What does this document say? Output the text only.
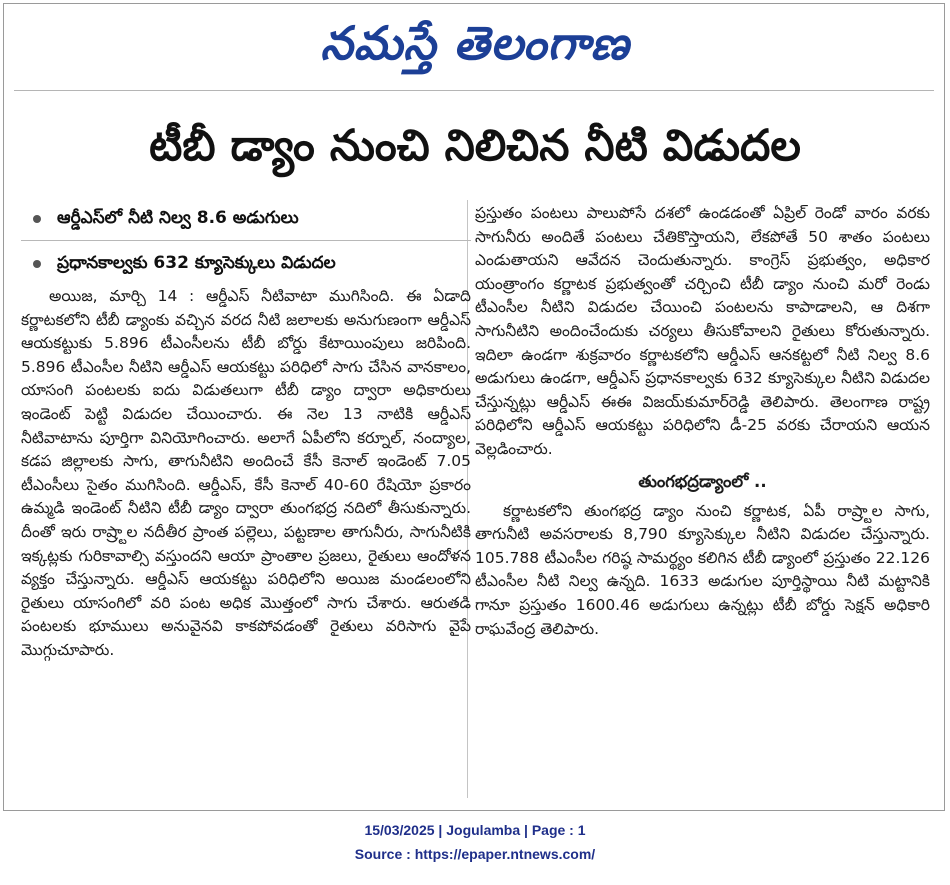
నమస్తే తెలంగాణ
టీబీ డ్యాం నుంచి నిలిచిన నీటి విడుదల
ఆర్డీఎస్‌లో నీటి నిల్వ 8.6 అడుగులు
ప్రధానకాల్వకు 632 క్యూసెక్కులు విడుదల

అయిజ, మార్చి 14 : ఆర్డీఎస్ నీటివాటా ముగిసింది. ఈ ఏడాది కర్ణాటకలోని టీబీ డ్యాంకు వచ్చిన వరద నీటి జలాలకు అనుగుణంగా ఆర్డీఎస్ ఆయకట్టుకు 5.896 టీఎంసీలను టీబీ బోర్డు కేటాయింపులు జరిపింది. 5.896 టీఎంసీల నీటిని ఆర్డీఎస్ ఆయకట్టు పరిధిలో సాగు చేసిన వానకాలం, యాసంగి పంటలకు ఐదు విడుతలుగా టీబీ డ్యాం ద్వారా అధికారులు ఇండెంట్ పెట్టి విడుదల చేయించారు. ఈ నెల 13 నాటికి ఆర్డీఎస్ నీటివాటాను పూర్తిగా వినియోగించారు. అలాగే ఏపీలోని కర్నూల్, నంద్యాల, కడప జిల్లాలకు సాగు, తాగునీటిని అందించే కేసీ కెనాల్ ఇండెంట్ 7.05 టీఎంసీలు సైతం ముగిసింది. ఆర్డీఎస్, కేసీ కెనాల్ 40-60 రేషియో ప్రకారం ఉమ్మడి ఇండెంట్ నీటిని టీబీ డ్యాం ద్వారా తుంగభద్ర నదిలో తీసుకున్నారు. దీంతో ఇరు రాష్ర్టాల నదీతీర ప్రాంత పల్లెలు, పట్టణాల తాగునీరు, సాగునీటికి ఇక్కట్లకు గురికావాల్సి వస్తుందని ఆయా ప్రాంతాల ప్రజలు, రైతులు ఆందోళన వ్యక్తం చేస్తున్నారు. ఆర్డీఎస్ ఆయకట్టు పరిధిలోని అయిజ మండలంలోని రైతులు యాసంగిలో వరి పంట అధిక మొత్తంలో సాగు చేశారు. ఆరుతడి పంటలకు భూములు అనువైనవి కాకపోవడంతో రైతులు వరిసాగు వైపే మొగ్గుచూపారు.

ప్రస్తుతం పంటలు పాలుపోసే దశలో ఉండడంతో ఏప్రిల్ రెండో వారం వరకు సాగునీరు అందితే పంటలు చేతికొస్తాయని, లేకపోతే 50 శాతం పంటలు ఎండుతాయని ఆవేదన చెందుతున్నారు. కాంగ్రెస్ ప్రభుత్వం, అధికార యంత్రాంగం కర్ణాటక ప్రభుత్వంతో చర్చించి టీబీ డ్యాం నుంచి మరో రెండు టీఎంసీల నీటిని విడుదల చేయించి పంటలను కాపాడాలని, ఆ దిశగా సాగునీటిని అందించేందుకు చర్యలు తీసుకోవాలని రైతులు కోరుతున్నారు. ఇదిలా ఉండగా శుక్రవారం కర్ణాటకలోని ఆర్డీఎస్ ఆనకట్టలో నీటి నిల్వ 8.6 అడుగులు ఉండగా, ఆర్డీఎస్ ప్రధానకాల్వకు 632 క్యూసెక్కుల నీటిని విడుదల చేస్తున్నట్లు ఆర్డీఎస్ ఈఈ విజయ్‌కుమార్‌రెడ్డి తెలిపారు. తెలంగాణ రాష్ట్ర పరిధిలోని ఆర్డీఎస్ ఆయకట్టు పరిధిలోని డీ-25 వరకు చేరాయని ఆయన వెల్లడించారు.

తుంగభద్రడ్యాంలో ..

కర్ణాటకలోని తుంగభద్ర డ్యాం నుంచి కర్ణాటక, ఏపీ రాష్ర్టాల సాగు, తాగునీటి అవసరాలకు 8,790 క్యూసెక్కుల నీటిని విడుదల చేస్తున్నారు. 105.788 టీఎంసీల గరిష్ఠ సామర్థ్యం కలిగిన టీబీ డ్యాంలో ప్రస్తుతం 22.126 టీఎంసీల నీటి నిల్వ ఉన్నది. 1633 అడుగుల పూర్తిస్థాయి నీటి మట్టానికి గానూ ప్రస్తుతం 1600.46 అడుగులు ఉన్నట్లు టీబీ బోర్డు సెక్షన్ అధికారి రాఘవేంద్ర తెలిపారు.

15/03/2025 | Jogulamba | Page : 1
Source : https://epaper.ntnews.com/
